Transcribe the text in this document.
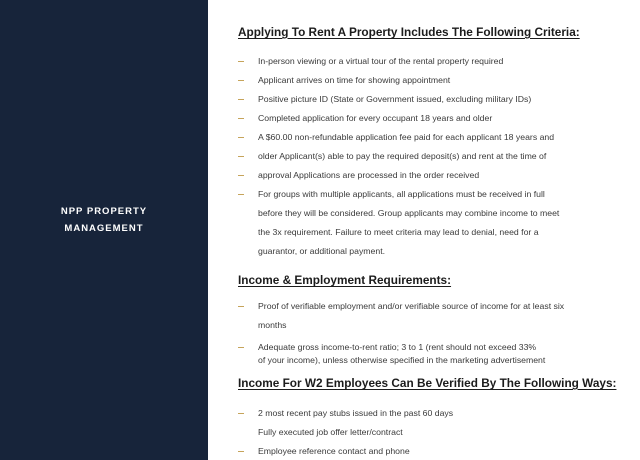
NPP PROPERTY
MANAGEMENT
Applying To Rent A Property Includes The Following Criteria:
In-person viewing or a virtual tour of the rental property required
Applicant arrives on time for showing appointment
Positive picture ID (State or Government issued, excluding military IDs)
Completed application for every occupant 18 years and older
A $60.00 non-refundable application fee paid for each applicant 18 years and
older Applicant(s) able to pay the required deposit(s) and rent at the time of
approval Applications are processed in the order received
For groups with multiple applicants, all applications must be received in full
before they will be considered. Group applicants may combine income to meet
the 3x requirement. Failure to meet criteria may lead to denial, need for a
guarantor, or additional payment.
Income & Employment Requirements:
Proof of verifiable employment and/or verifiable source of income for at least six
months
Adequate gross income-to-rent ratio; 3 to 1 (rent should not exceed 33%
of your income), unless otherwise specified in the marketing advertisement
Income For W2 Employees Can Be Verified By The Following Ways:
2 most recent pay stubs issued in the past 60 days
Fully executed job offer letter/contract
Employee reference contact and phone
